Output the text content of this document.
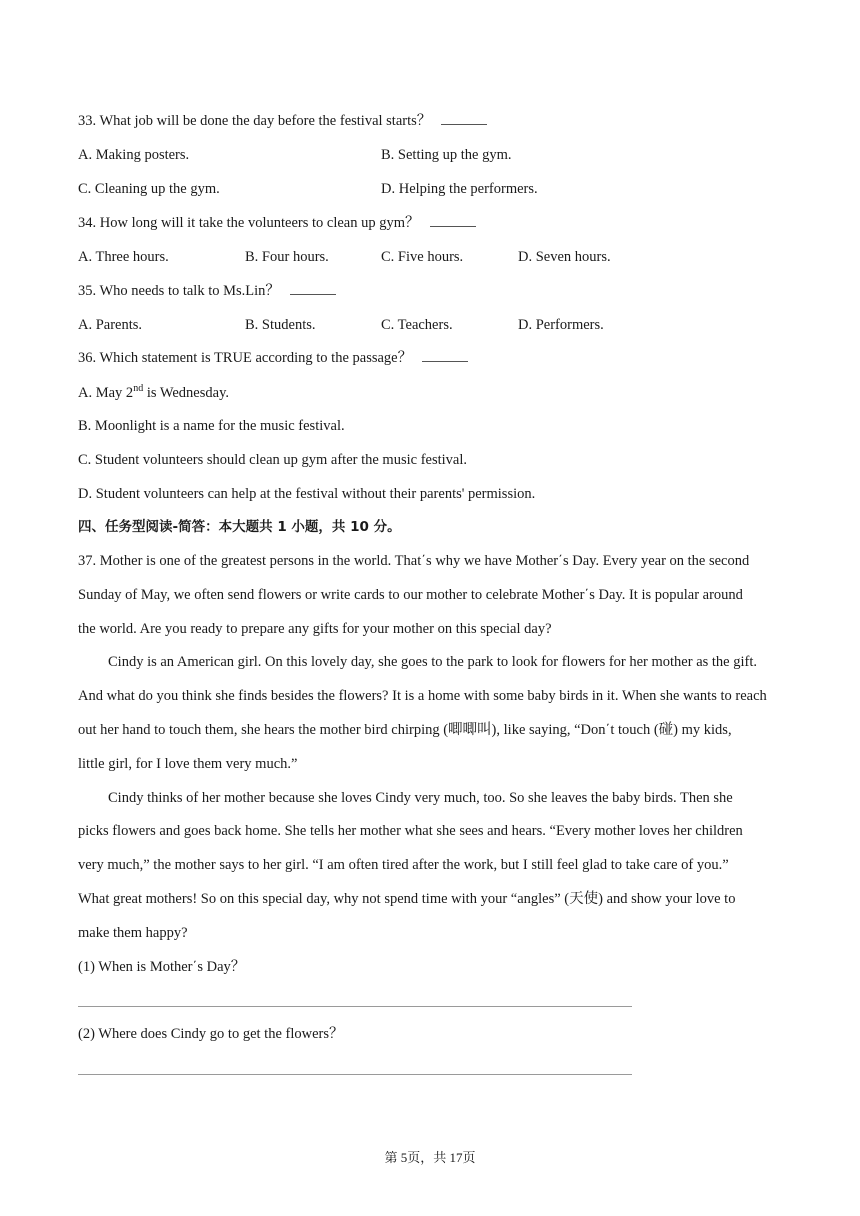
33. What job will be done the day before the festival starts？
A. Making posters.	B. Setting up the gym.
C. Cleaning up the gym.	D. Helping the performers.
34. How long will it take the volunteers to clean up gym？
A. Three hours.	B. Four hours.	C. Five hours.	D. Seven hours.
35. Who needs to talk to Ms.Lin？
A. Parents.	B. Students.	C. Teachers.	D. Performers.
36. Which statement is TRUE according to the passage？
A. May 2nd is Wednesday.
B. Moonlight is a name for the music festival.
C. Student volunteers should clean up gym after the music festival.
D. Student volunteers can help at the festival without their parents' permission.
四、任务型阅读-简答：本大题共 1 小题，共 10 分。
37. Mother is one of the greatest persons in the world. That΄s why we have Mother΄s Day. Every year on the second
Sunday of May, we often send flowers or write cards to our mother to celebrate Mother΄s Day. It is popular around
the world. Are you ready to prepare any gifts for your mother on this special day?
Cindy is an American girl. On this lovely day, she goes to the park to look for flowers for her mother as the gift.
And what do you think she finds besides the flowers? It is a home with some baby birds in it. When she wants to reach
out her hand to touch them, she hears the mother bird chirping (唧唧叫), like saying, “Don΄t touch (碰) my kids,
little girl, for I love them very much.”
Cindy thinks of her mother because she loves Cindy very much, too. So she leaves the baby birds. Then she
picks flowers and goes back home. She tells her mother what she sees and hears. “Every mother loves her children
very much,” the mother says to her girl. “I am often tired after the work, but I still feel glad to take care of you.”
What great mothers! So on this special day, why not spend time with your “angles” (天使) and show your love to
make them happy?
(1) When is Mother΄s Day？
(2) Where does Cindy go to get the flowers？
第 5页，共 17页
